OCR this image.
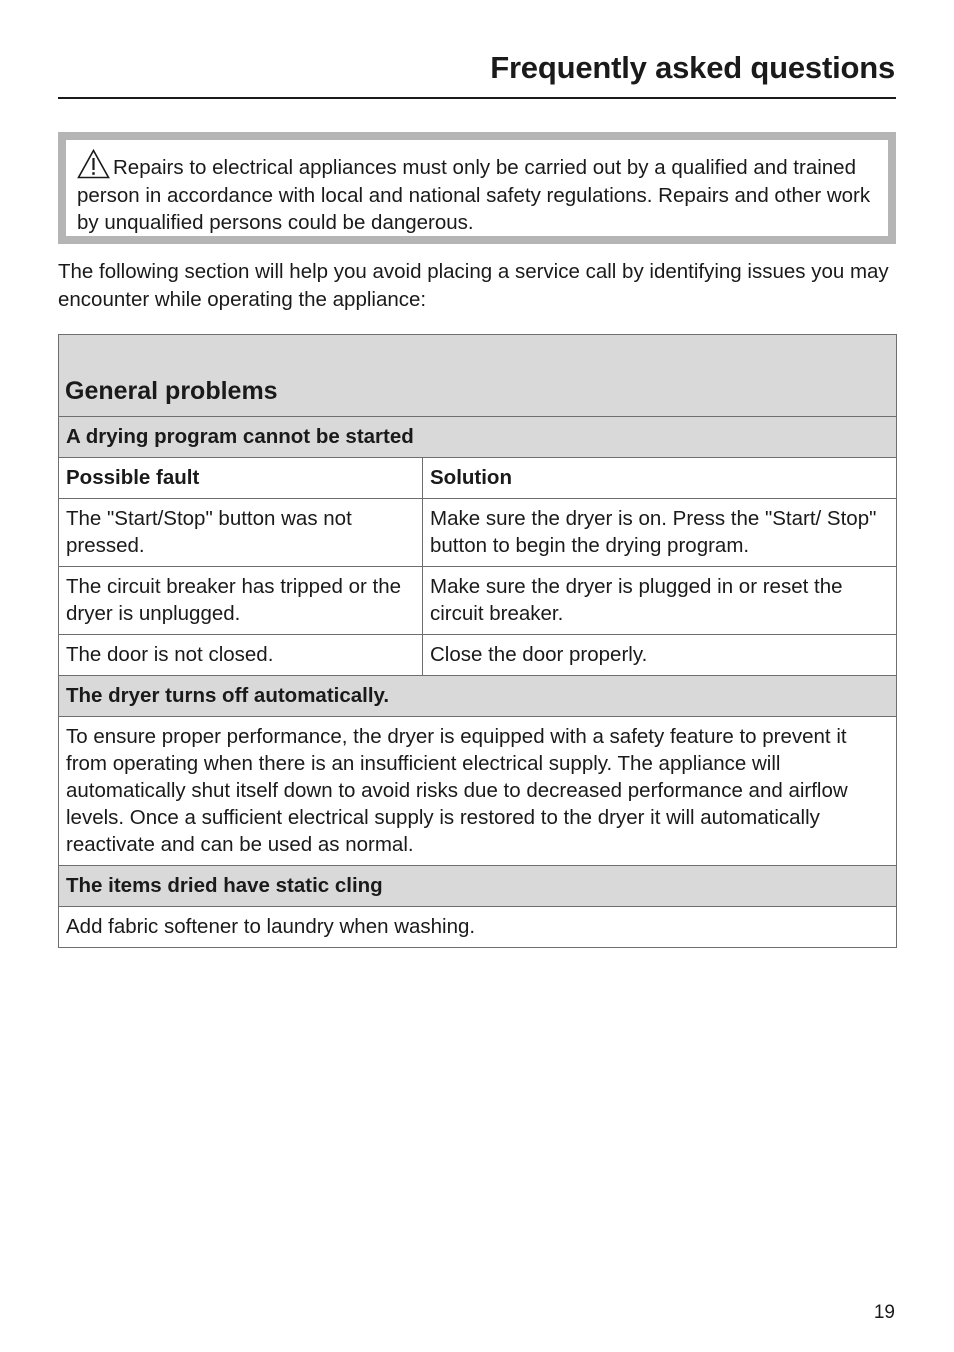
Frequently asked questions

Repairs to electrical appliances must only be carried out by a qualified and trained person in accordance with local and national safety regulations. Repairs and other work by unqualified persons could be dangerous.

The following section will help you avoid placing a service call by identifying issues you may encounter while operating the appliance:

General problems	
A drying program cannot be started	
Possible fault	Solution
The "Start/Stop" button was not pressed.	Make sure the dryer is on. Press the "Start/ Stop" button to begin the drying program.
The circuit breaker has tripped or the dryer is unplugged.	Make sure the dryer is plugged in or reset the circuit breaker.
The door is not closed.	Close the door properly.
The dryer turns off automatically.	
To ensure proper performance, the dryer is equipped with a safety feature to prevent it from operating when there is an insufficient electrical supply. The appliance will automatically shut itself down to avoid risks due to decreased performance and airflow levels. Once a sufficient electrical supply is restored to the dryer it will automatically reactivate and can be used as normal.	
The items dried have static cling	
Add fabric softener to laundry when washing.	
19
